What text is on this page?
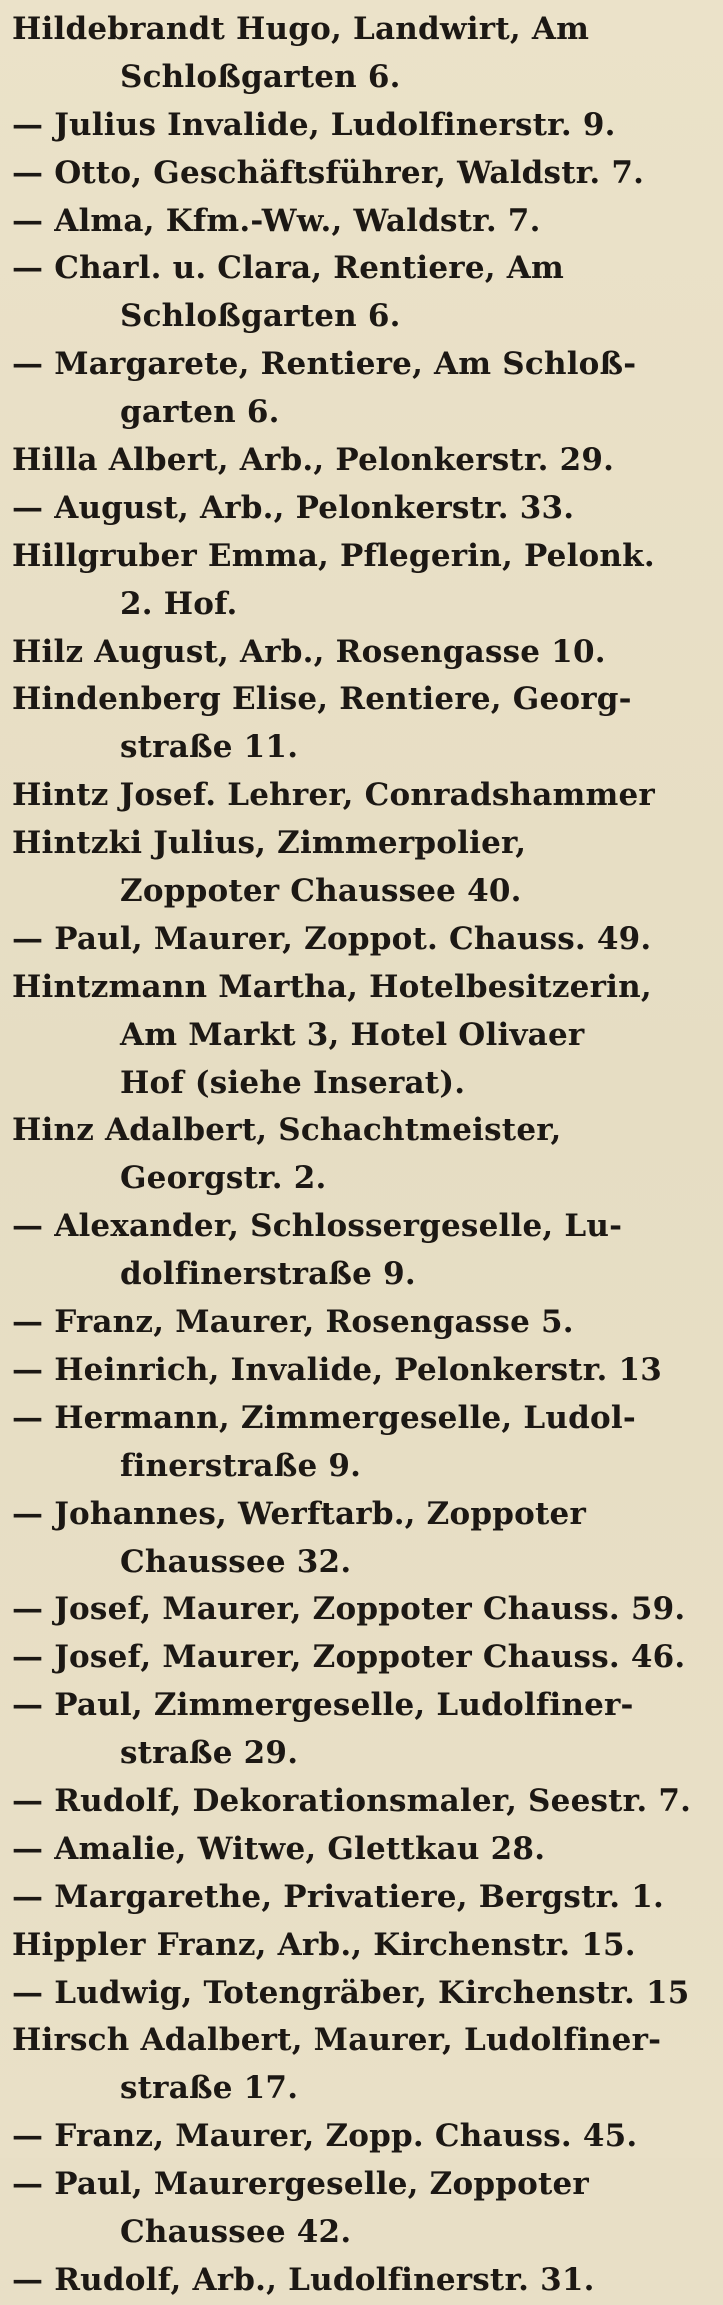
Hildebrandt Hugo, Landwirt, Am
Schloßgarten 6.
— Julius Invalide, Ludolfinerstr. 9.
— Otto, Geschäftsführer, Waldstr. 7.
— Alma, Kfm.-Ww., Waldstr. 7.
— Charl. u. Clara, Rentiere, Am
Schloßgarten 6.
— Margarete, Rentiere, Am Schloß-
garten 6.
Hilla Albert, Arb., Pelonkerstr. 29.
— August, Arb., Pelonkerstr. 33.
Hillgruber Emma, Pflegerin, Pelonk.
2. Hof.
Hilz August, Arb., Rosengasse 10.
Hindenberg Elise, Rentiere, Georg-
straße 11.
Hintz Josef. Lehrer, Conradshammer
Hintzki Julius, Zimmerpolier,
Zoppoter Chaussee 40.
— Paul, Maurer, Zoppot. Chauss. 49.
Hintzmann Martha, Hotelbesitzerin,
Am Markt 3, Hotel Olivaer
Hof (siehe Inserat).
Hinz Adalbert, Schachtmeister,
Georgstr. 2.
— Alexander, Schlossergeselle, Lu-
dolfinerstraße 9.
— Franz, Maurer, Rosengasse 5.
— Heinrich, Invalide, Pelonkerstr. 13
— Hermann, Zimmergeselle, Ludol-
finerstraße 9.
— Johannes, Werftarb., Zoppoter
Chaussee 32.
— Josef, Maurer, Zoppoter Chauss. 59.
— Josef, Maurer, Zoppoter Chauss. 46.
— Paul, Zimmergeselle, Ludolfiner-
straße 29.
— Rudolf, Dekorationsmaler, Seestr. 7.
— Amalie, Witwe, Glettkau 28.
— Margarethe, Privatiere, Bergstr. 1.
Hippler Franz, Arb., Kirchenstr. 15.
— Ludwig, Totengräber, Kirchenstr. 15
Hirsch Adalbert, Maurer, Ludolfiner-
straße 17.
— Franz, Maurer, Zopp. Chauss. 45.
— Paul, Maurergeselle, Zoppoter
Chaussee 42.
— Rudolf, Arb., Ludolfinerstr. 31.
